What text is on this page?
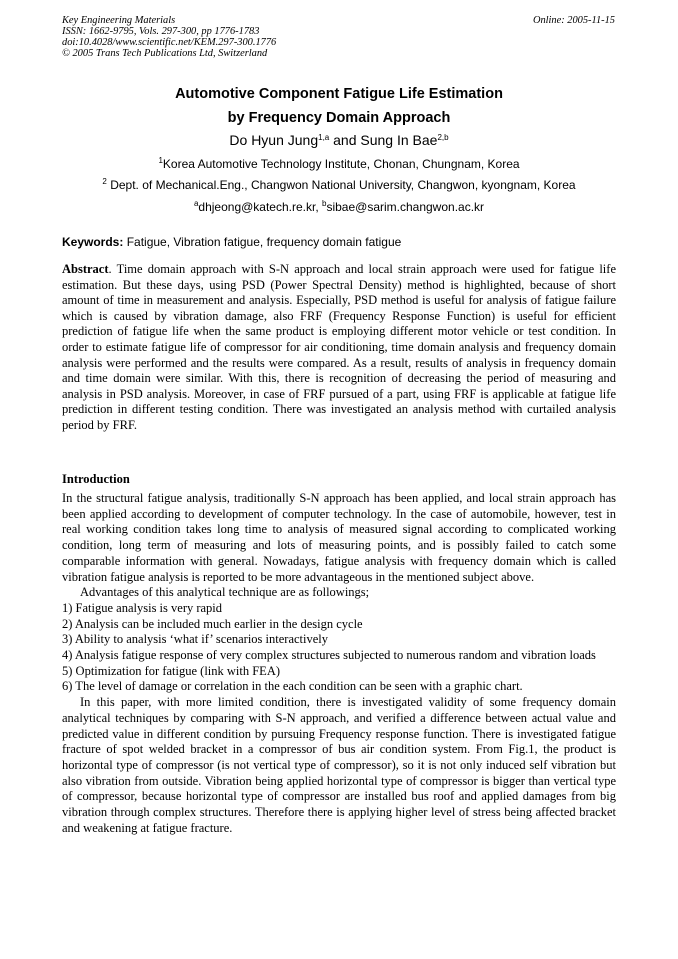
Key Engineering Materials
ISSN: 1662-9795, Vols. 297-300, pp 1776-1783
doi:10.4028/www.scientific.net/KEM.297-300.1776
© 2005 Trans Tech Publications Ltd, Switzerland
Online: 2005-11-15
Automotive Component Fatigue Life Estimation
by Frequency Domain Approach
Do Hyun Jung$^{1,a}$ and Sung In Bae$^{2,b}$
$^1$Korea Automotive Technology Institute, Chonan, Chungnam, Korea
$^2$ Dept. of Mechanical.Eng., Changwon National University, Changwon, kyongnam, Korea
$^a$dhjeong@katech.re.kr, $^b$sibae@sarim.changwon.ac.kr
Keywords: Fatigue, Vibration fatigue, frequency domain fatigue

Abstract. Time domain approach with S-N approach and local strain approach were used for fatigue life estimation. But these days, using PSD (Power Spectral Density) method is highlighted, because of short amount of time in measurement and analysis. Especially, PSD method is useful for analysis of fatigue failure which is caused by vibration damage, also FRF (Frequency Response Function) is useful for efficient prediction of fatigue life when the same product is employing different motor vehicle or test condition. In order to estimate fatigue life of compressor for air conditioning, time domain analysis and frequency domain analysis were performed and the results were compared. As a result, results of analysis in frequency domain and time domain were similar. With this, there is recognition of decreasing the period of measuring and analysis in PSD analysis. Moreover, in case of FRF pursued of a part, using FRF is applicable at fatigue life prediction in different testing condition. There was investigated an analysis method with curtailed analysis period by FRF.

Introduction

In the structural fatigue analysis, traditionally S-N approach has been applied, and local strain approach has been applied according to development of computer technology. In the case of automobile, however, test in real working condition takes long time to analysis of measured signal according to complicated working condition, long term of measuring and lots of measuring points, and is possibly failed to catch some comparable information with general. Nowadays, fatigue analysis with frequency domain which is called vibration fatigue analysis is reported to be more advantageous in the mentioned subject above.

Advantages of this analytical technique are as followings;

1) Fatigue analysis is very rapid

2) Analysis can be included much earlier in the design cycle

3) Ability to analysis ‘what if’ scenarios interactively

4) Analysis fatigue response of very complex structures subjected to numerous random and vibration loads

5) Optimization for fatigue (link with FEA)

6) The level of damage or correlation in the each condition can be seen with a graphic chart.

In this paper, with more limited condition, there is investigated validity of some frequency domain analytical techniques by comparing with S-N approach, and verified a difference between actual value and predicted value in different condition by pursuing Frequency response function. There is investigated fatigue fracture of spot welded bracket in a compressor of bus air condition system. From Fig.1, the product is horizontal type of compressor (is not vertical type of compressor), so it is not only induced self vibration but also vibration from outside. Vibration being applied horizontal type of compressor is bigger than vertical type of compressor, because horizontal type of compressor are installed bus roof and applied damages from big vibration through complex structures. Therefore there is applying higher level of stress being affected bracket and weakening at fatigue fracture.
